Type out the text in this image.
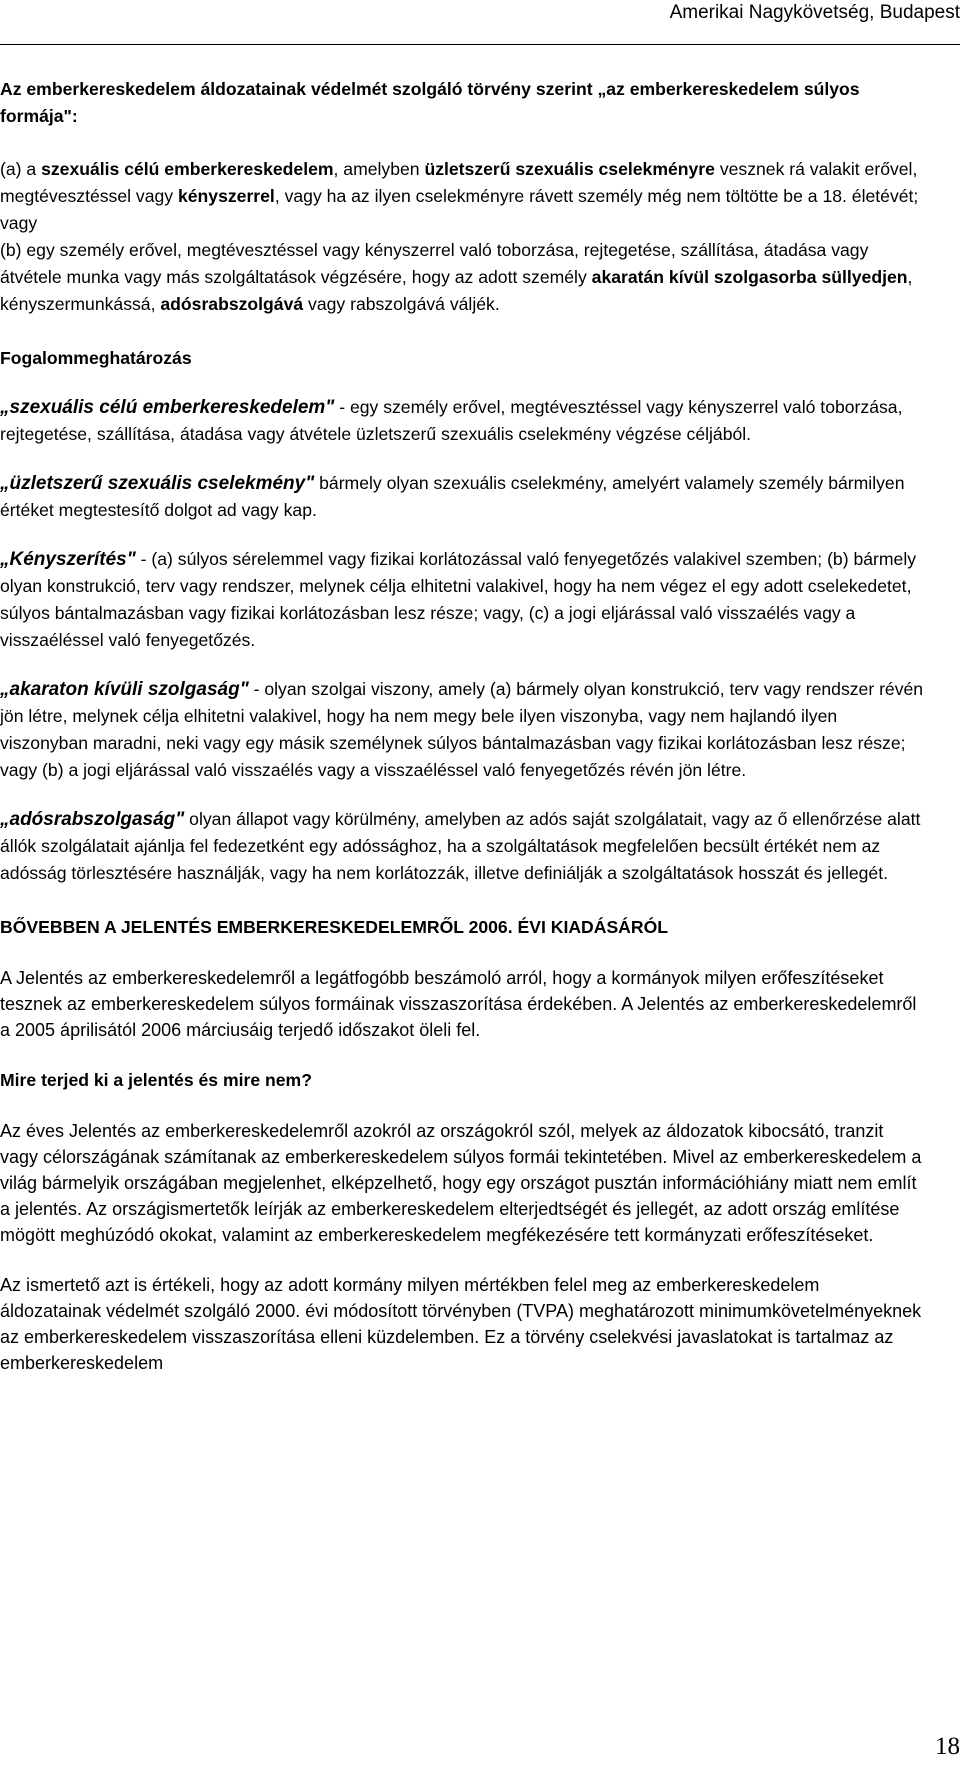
Amerikai Nagykövetség, Budapest
Az emberkereskedelem áldozatainak védelmét szolgáló törvény szerint „az emberkereskedelem súlyos formája":
(a) a szexuális célú emberkereskedelem, amelyben üzletszerű szexuális cselekményre vesznek rá valakit erővel, megtévesztéssel vagy kényszerrel, vagy ha az ilyen cselekményre rávett személy még nem töltötte be a 18. életévét; vagy
(b) egy személy erővel, megtévesztéssel vagy kényszerrel való toborzása, rejtegetése, szállítása, átadása vagy átvétele munka vagy más szolgáltatások végzésére, hogy az adott személy akaratán kívül szolgasorba süllyedjen, kényszermunkássá, adósrabszolgává vagy rabszolgává váljék.
Fogalommeghatározás
„szexuális célú emberkereskedelem" - egy személy erővel, megtévesztéssel vagy kényszerrel való toborzása, rejtegetése, szállítása, átadása vagy átvétele üzletszerű szexuális cselekmény végzése céljából.
„üzletszerű szexuális cselekmény" bármely olyan szexuális cselekmény, amelyért valamely személy bármilyen értéket megtestesítő dolgot ad vagy kap.
„Kényszerítés" - (a) súlyos sérelemmel vagy fizikai korlátozással való fenyegetőzés valakivel szemben; (b) bármely olyan konstrukció, terv vagy rendszer, melynek célja elhitetni valakivel, hogy ha nem végez el egy adott cselekedetet, súlyos bántalmazásban vagy fizikai korlátozásban lesz része; vagy, (c) a jogi eljárással való visszaélés vagy a visszaéléssel való fenyegetőzés.
„akaraton kívüli szolgaság" - olyan szolgai viszony, amely (a) bármely olyan konstrukció, terv vagy rendszer révén jön létre, melynek célja elhitetni valakivel, hogy ha nem megy bele ilyen viszonyba, vagy nem hajlandó ilyen viszonyban maradni, neki vagy egy másik személynek súlyos bántalmazásban vagy fizikai korlátozásban lesz része; vagy (b) a jogi eljárással való visszaélés vagy a visszaéléssel való fenyegetőzés révén jön létre.
„adósrabszolgaság" olyan állapot vagy körülmény, amelyben az adós saját szolgálatait, vagy az ő ellenőrzése alatt állók szolgálatait ajánlja fel fedezetként egy adóssághoz, ha a szolgáltatások megfelelően becsült értékét nem az adósság törlesztésére használják, vagy ha nem korlátozzák, illetve definiálják a szolgáltatások hosszát és jellegét.
BŐVEBBEN A JELENTÉS EMBERKERESKEDELEMRŐL 2006. ÉVI KIADÁSÁRÓL
A Jelentés az emberkereskedelemről a legátfogóbb beszámoló arról, hogy a kormányok milyen erőfeszítéseket tesznek az emberkereskedelem súlyos formáinak visszaszorítása érdekében. A Jelentés az emberkereskedelemről a 2005 áprilisától 2006 márciusáig terjedő időszakot öleli fel.
Mire terjed ki a jelentés és mire nem?
Az éves Jelentés az emberkereskedelemről azokról az országokról szól, melyek az áldozatok kibocsátó, tranzit vagy célországának számítanak az emberkereskedelem súlyos formái tekintetében. Mivel az emberkereskedelem a világ bármelyik országában megjelenhet, elképzelhető, hogy egy országot pusztán információhiány miatt nem említ a jelentés. Az országismertetők leírják az emberkereskedelem elterjedtségét és jellegét, az adott ország említése mögött meghúzódó okokat, valamint az emberkereskedelem megfékezésére tett kormányzati erőfeszítéseket.
Az ismertető azt is értékeli, hogy az adott kormány milyen mértékben felel meg az emberkereskedelem áldozatainak védelmét szolgáló 2000. évi módosított törvényben (TVPA) meghatározott minimumkövetelményeknek az emberkereskedelem visszaszorítása elleni küzdelemben. Ez a törvény cselekvési javaslatokat is tartalmaz az emberkereskedelem
18
